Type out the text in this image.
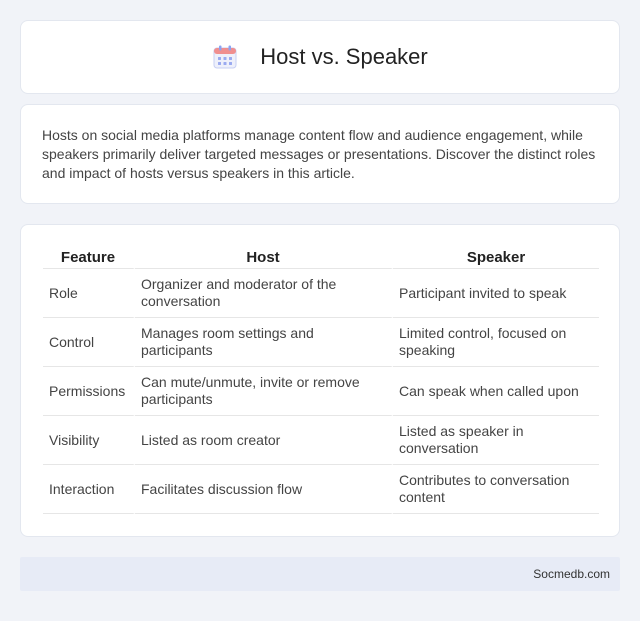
Host vs. Speaker

Hosts on social media platforms manage content flow and audience engagement, while speakers primarily deliver targeted messages or presentations. Discover the distinct roles and impact of hosts versus speakers in this article.

Feature	Host	Speaker
Role	Organizer and moderator of the conversation	Participant invited to speak
Control	Manages room settings and participants	Limited control, focused on speaking
Permissions	Can mute/unmute, invite or remove participants	Can speak when called upon
Visibility	Listed as room creator	Listed as speaker in conversation
Interaction	Facilitates discussion flow	Contributes to conversation content
Socmedb.com
